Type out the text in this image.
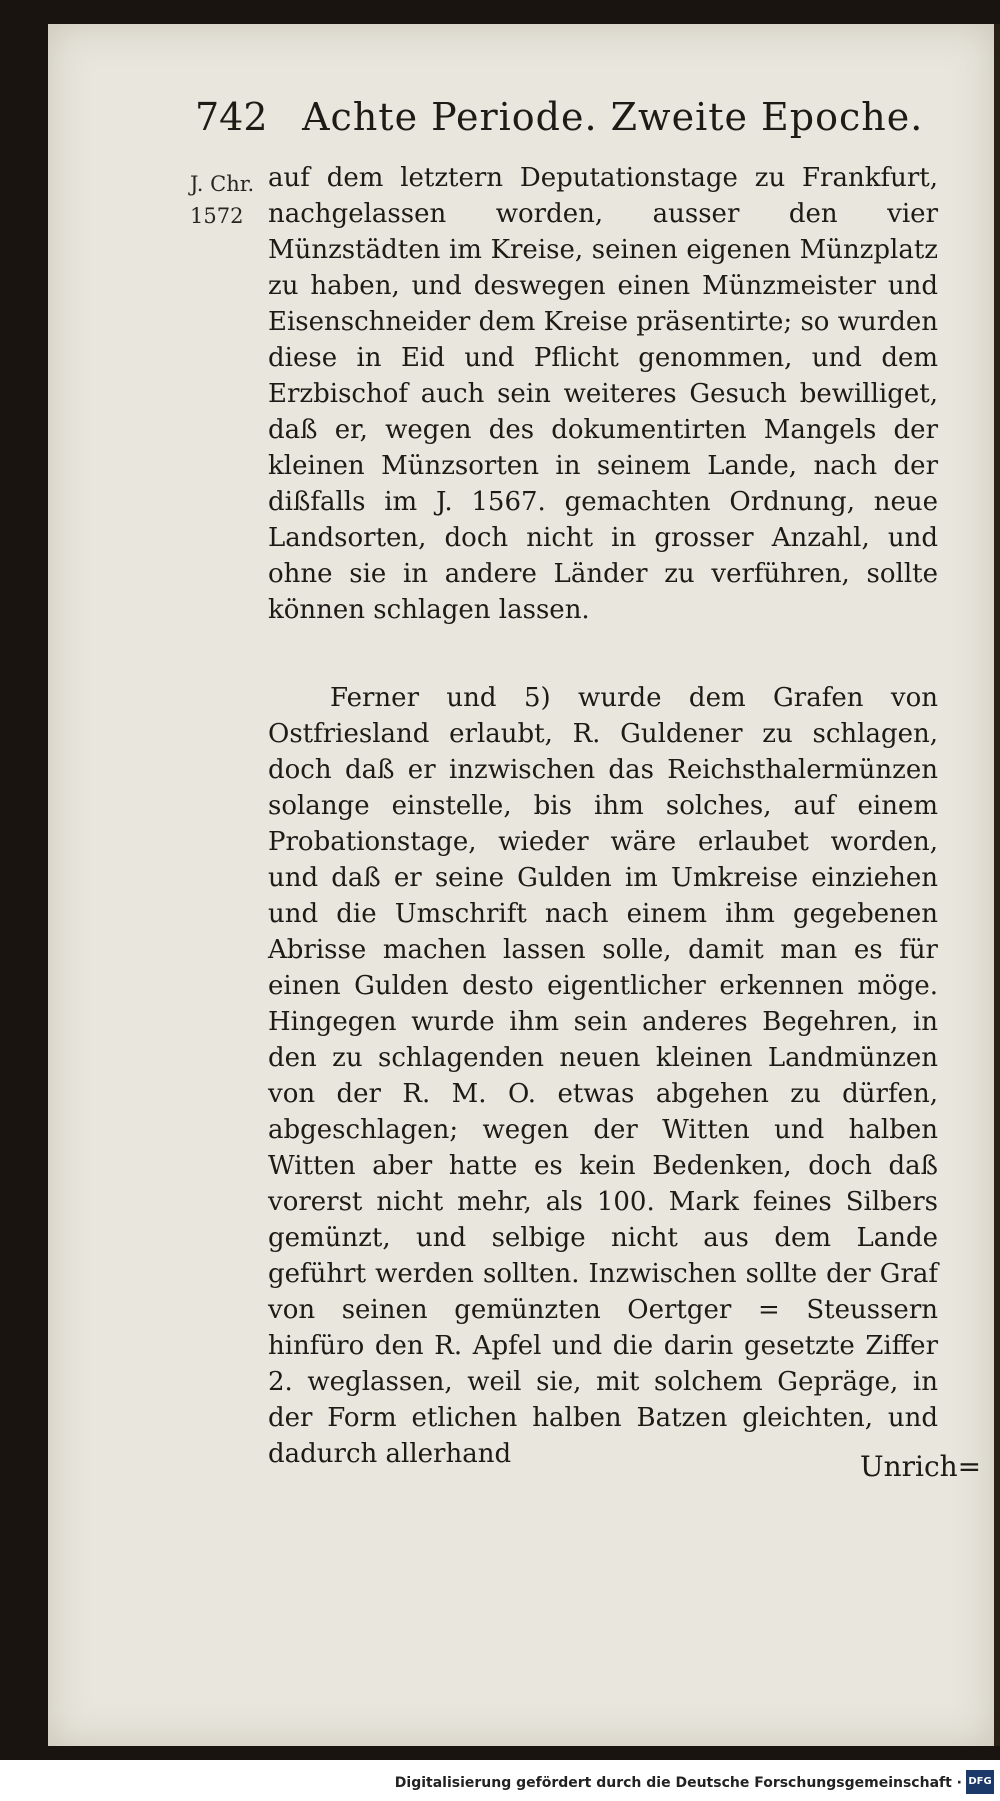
742 Achte Periode. Zweite Epoche.
J. Chr.
1572
auf dem letztern Deputationstage zu Frankfurt, nachgelassen worden, ausser den vier Münzstädten im Kreise, seinen eigenen Münzplatz zu haben, und deswegen einen Münzmeister und Eisenschneider dem Kreise präsentirte; so wurden diese in Eid und Pflicht genommen, und dem Erzbischof auch sein weiteres Gesuch bewilliget, daß er, wegen des dokumentirten Mangels der kleinen Münzsorten in seinem Lande, nach der dißfalls im J. 1567. gemachten Ordnung, neue Landsorten, doch nicht in grosser Anzahl, und ohne sie in andere Länder zu verführen, sollte können schlagen lassen.
Ferner und 5) wurde dem Grafen von Ostfriesland erlaubt, R. Guldener zu schlagen, doch daß er inzwischen das Reichsthalermünzen solange einstelle, bis ihm solches, auf einem Probationstage, wieder wäre erlaubet worden, und daß er seine Gulden im Umkreise einziehen und die Umschrift nach einem ihm gegebenen Abrisse machen lassen solle, damit man es für einen Gulden desto eigentlicher erkennen möge. Hingegen wurde ihm sein anderes Begehren, in den zu schlagenden neuen kleinen Landmünzen von der R. M. O. etwas abgehen zu dürfen, abgeschlagen; wegen der Witten und halben Witten aber hatte es kein Bedenken, doch daß vorerst nicht mehr, als 100. Mark feines Silbers gemünzt, und selbige nicht aus dem Lande geführt werden sollten. Inzwischen sollte der Graf von seinen gemünzten Oertger = Steussern hinfüro den R. Apfel und die darin gesetzte Ziffer 2. weglassen, weil sie, mit solchem Gepräge, in der Form etlichen halben Batzen gleichten, und dadurch allerhand	Unrich=
Digitalisierung gefördert durch die Deutsche Forschungsgemeinschaft · DFG
